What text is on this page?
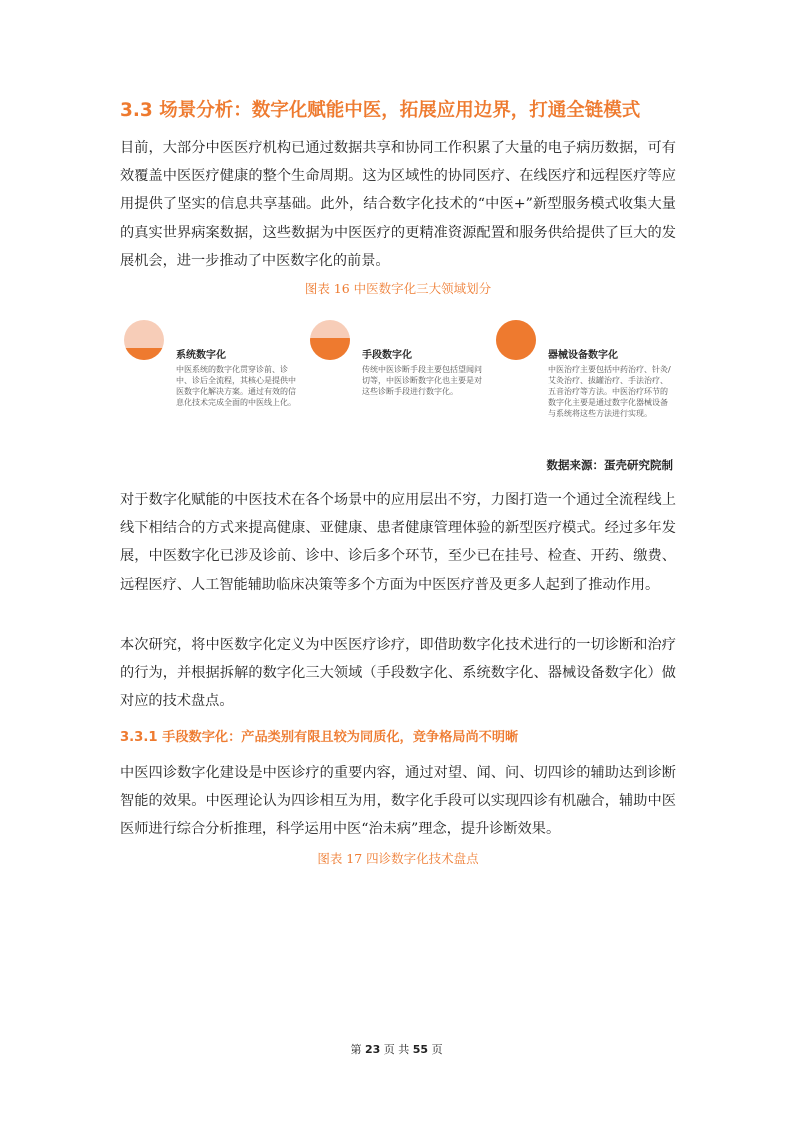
3.3 场景分析：数字化赋能中医，拓展应用边界，打通全链模式
目前，大部分中医医疗机构已通过数据共享和协同工作积累了大量的电子病历数据，可有效覆盖中医医疗健康的整个生命周期。这为区域性的协同医疗、在线医疗和远程医疗等应用提供了坚实的信息共享基础。此外，结合数字化技术的“中医+”新型服务模式收集大量的真实世界病案数据，这些数据为中医医疗的更精准资源配置和服务供给提供了巨大的发展机会，进一步推动了中医数字化的前景。
图表 16 中医数字化三大领域划分
系统数字化
中医系统的数字化贯穿诊前、诊中、诊后全流程，其核心是提供中医数字化解决方案。通过有效的信息化技术完成全面的中医线上化。
手段数字化
传统中医诊断手段主要包括望闻问切等，中医诊断数字化也主要是对这些诊断手段进行数字化。
器械设备数字化
中医治疗主要包括中药治疗、针灸/艾灸治疗、拔罐治疗、手法治疗、五音治疗等方法。中医治疗环节的数字化主要是通过数字化器械设备与系统将这些方法进行实现。
数据来源：蛋壳研究院制
对于数字化赋能的中医技术在各个场景中的应用层出不穷，力图打造一个通过全流程线上线下相结合的方式来提高健康、亚健康、患者健康管理体验的新型医疗模式。经过多年发展，中医数字化已涉及诊前、诊中、诊后多个环节，至少已在挂号、检查、开药、缴费、远程医疗、人工智能辅助临床决策等多个方面为中医医疗普及更多人起到了推动作用。
本次研究，将中医数字化定义为中医医疗诊疗，即借助数字化技术进行的一切诊断和治疗的行为，并根据拆解的数字化三大领域（手段数字化、系统数字化、器械设备数字化）做对应的技术盘点。
3.3.1 手段数字化：产品类别有限且较为同质化，竞争格局尚不明晰
中医四诊数字化建设是中医诊疗的重要内容，通过对望、闻、问、切四诊的辅助达到诊断智能的效果。中医理论认为四诊相互为用，数字化手段可以实现四诊有机融合，辅助中医医师进行综合分析推理，科学运用中医“治未病”理念，提升诊断效果。
图表 17 四诊数字化技术盘点
第 23 页 共 55 页
